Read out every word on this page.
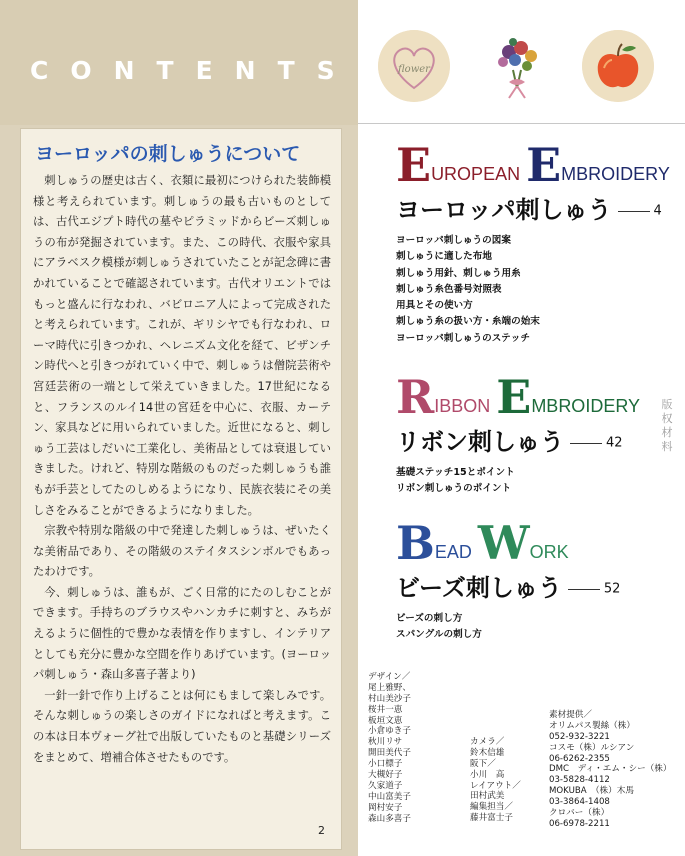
CONTENTS
ヨーロッパの刺しゅうについて

刺しゅうの歴史は古く、衣類に最初につけられた装飾模様と考えられています。刺しゅうの最も古いものとしては、古代エジプト時代の墓やピラミッドからビーズ刺しゅうの布が発掘されています。また、この時代、衣服や家具にアラベスク模様が刺しゅうされていたことが記念碑に書かれていることで確認されています。古代オリエントではもっと盛んに行なわれ、バビロニア人によって完成されたと考えられています。これが、ギリシヤでも行なわれ、ローマ時代に引きつかれ、ヘレニズム文化を経て、ビザンチン時代へと引きつがれていく中で、刺しゅうは僧院芸術や宮廷芸術の一端として栄えていきました。17世紀になると、フランスのルイ14世の宮廷を中心に、衣服、カーテン、家具などに用いられていました。近世になると、刺しゅう工芸はしだいに工業化し、美術品としては衰退していきました。けれど、特別な階級のものだった刺しゅうも誰もが手芸としてたのしめるようになり、民族衣装にその美しさをみることができるようになりました。

宗教や特別な階級の中で発達した刺しゅうは、ぜいたくな美術品であり、その階級のステイタスシンボルでもあったわけです。

今、刺しゅうは、誰もが、ごく日常的にたのしむことができます。手持ちのブラウスやハンカチに刺すと、みちがえるように個性的で豊かな表情を作りますし、インテリアとしても充分に豊かな空間を作りあげています。(ヨーロッパ刺しゅう・森山多喜子著より)

一針一針で作り上げることは何にもまして楽しみです。そんな刺しゅうの楽しさのガイドになればと考えます。この本は日本ヴォーグ社で出版していたものと基礎シリーズをまとめて、増補合体させたものです。

2
flower
EUROPEAN EMBROIDERY
ヨーロッパ刺しゅう	4
ヨーロッパ刺しゅうの図案
刺しゅうに適した布地
刺しゅう用針、刺しゅう用糸
刺しゅう糸色番号対照表
用具とその使い方
刺しゅう糸の扱い方・糸端の始末
ヨーロッパ刺しゅうのステッチ
RIBBON EMBROIDERY
リボン刺しゅう	42
基礎ステッチ15とポイント
リボン刺しゅうのポイント
BEAD WORK
ビーズ刺しゅう	52
ビーズの刺し方
スパングルの刺し方
版权材料
デザイン／
尾上雅野、
村山美沙子
桜井一恵
板垣文恵
小倉ゆき子
秋川リサ
開田美代子
小口標子
大槻好子
久家道子
中山富美子
岡村安子
森山多喜子
カメラ／
鈴木信雄
阪下／
小川　高
レイアウト／
田村武美
編集担当／
藤井富士子
素材提供／
オリムパス製絲（株）
052-932-3221
コスモ（株）ルシアン
06-6262-2355
DMC　ディ・エム・シー（株）
03-5828-4112
MOKUBA　（株）木馬
03-3864-1408
クロバー（株）
06-6978-2211
